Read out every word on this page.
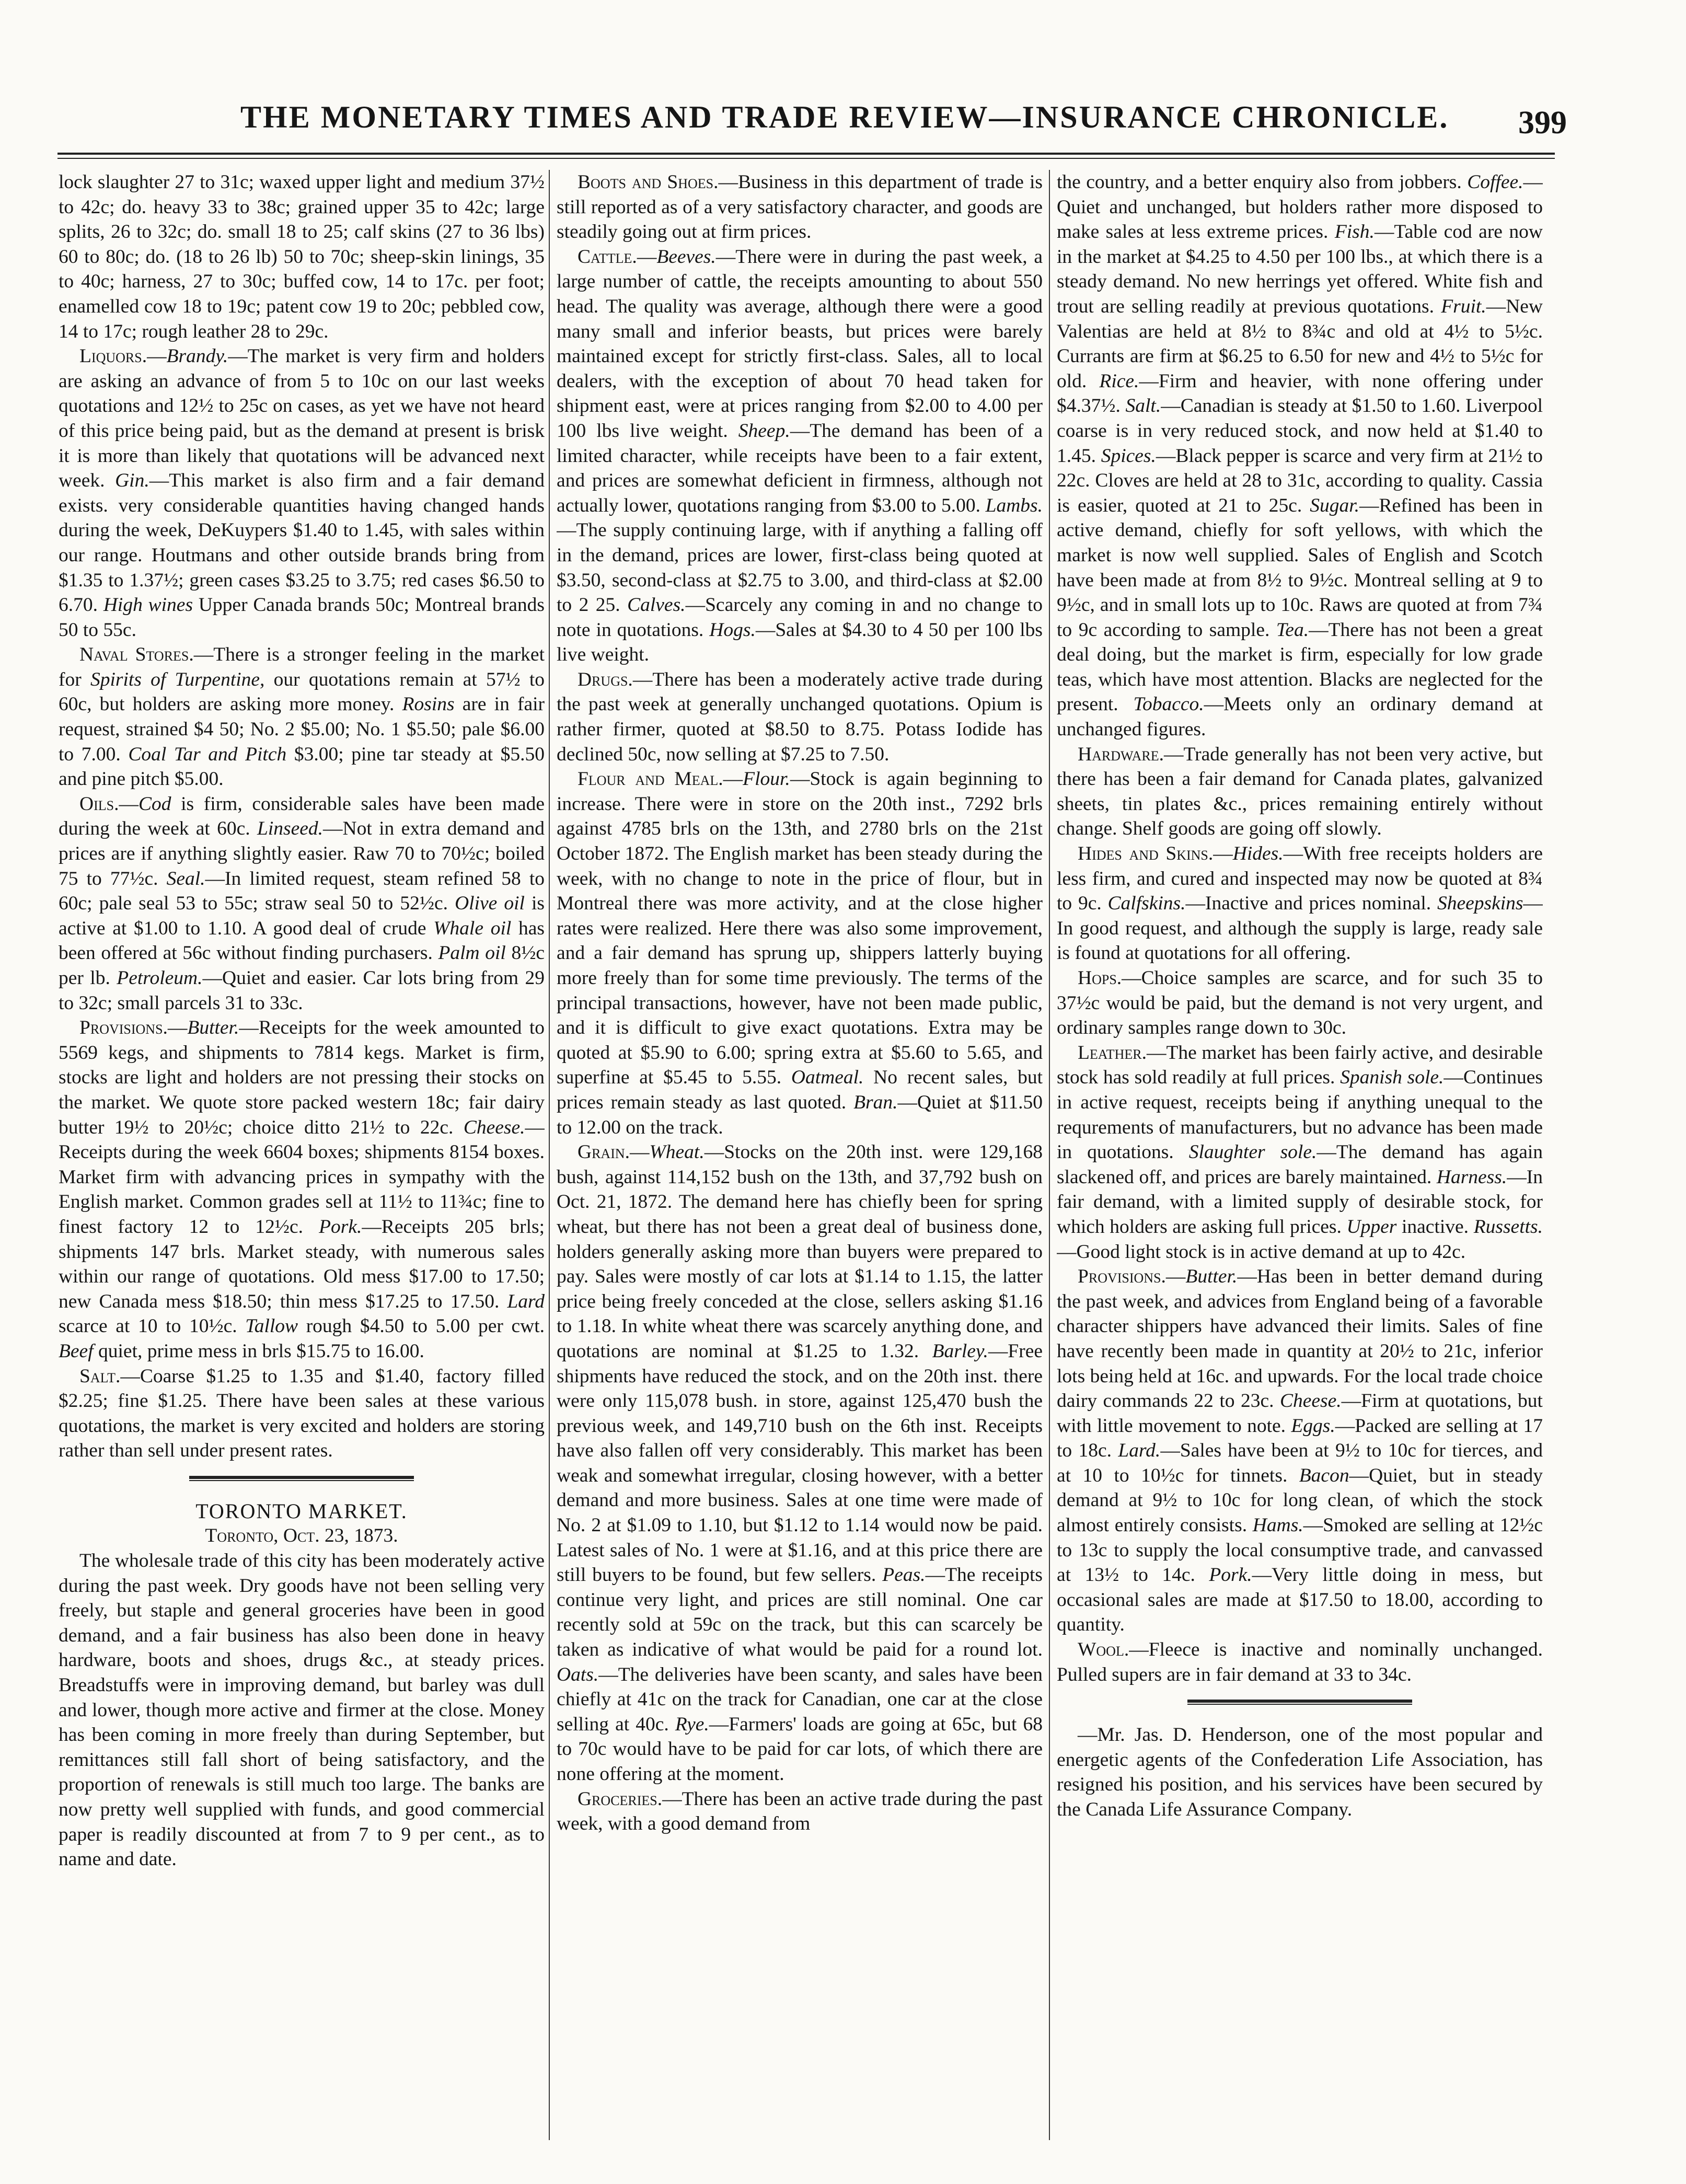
THE MONETARY TIMES AND TRADE REVIEW—INSURANCE CHRONICLE. 399

lock slaughter 27 to 31c; waxed upper light and medium 37½ to 42c; do. heavy 33 to 38c; grained upper 35 to 42c; large splits, 26 to 32c; do. small 18 to 25; calf skins (27 to 36 lbs) 60 to 80c; do. (18 to 26 lb) 50 to 70c; sheep-skin linings, 35 to 40c; harness, 27 to 30c; buffed cow, 14 to 17c. per foot; enamelled cow 18 to 19c; patent cow 19 to 20c; pebbled cow, 14 to 17c; rough leather 28 to 29c.

Liquors.—Brandy.—The market is very firm and holders are asking an advance of from 5 to 10c on our last weeks quotations and 12½ to 25c on cases, as yet we have not heard of this price being paid, but as the demand at present is brisk it is more than likely that quotations will be advanced next week. Gin.—This market is also firm and a fair demand exists. very considerable quantities having changed hands during the week, DeKuypers $1.40 to 1.45, with sales within our range. Houtmans and other outside brands bring from $1.35 to 1.37½; green cases $3.25 to 3.75; red cases $6.50 to 6.70. High wines Upper Canada brands 50c; Montreal brands 50 to 55c.

Naval Stores.—There is a stronger feeling in the market for Spirits of Turpentine, our quotations remain at 57½ to 60c, but holders are asking more money. Rosins are in fair request, strained $4 50; No. 2 $5.00; No. 1 $5.50; pale $6.00 to 7.00. Coal Tar and Pitch $3.00; pine tar steady at $5.50 and pine pitch $5.00.

Oils.—Cod is firm, considerable sales have been made during the week at 60c. Linseed.—Not in extra demand and prices are if anything slightly easier. Raw 70 to 70½c; boiled 75 to 77½c. Seal.—In limited request, steam refined 58 to 60c; pale seal 53 to 55c; straw seal 50 to 52½c. Olive oil is active at $1.00 to 1.10. A good deal of crude Whale oil has been offered at 56c without finding purchasers. Palm oil 8½c per lb. Petroleum.—Quiet and easier. Car lots bring from 29 to 32c; small parcels 31 to 33c.

Provisions.—Butter.—Receipts for the week amounted to 5569 kegs, and shipments to 7814 kegs. Market is firm, stocks are light and holders are not pressing their stocks on the market. We quote store packed western 18c; fair dairy butter 19½ to 20½c; choice ditto 21½ to 22c. Cheese.—Receipts during the week 6604 boxes; shipments 8154 boxes. Market firm with advancing prices in sympathy with the English market. Common grades sell at 11½ to 11¾c; fine to finest factory 12 to 12½c. Pork.—Receipts 205 brls; shipments 147 brls. Market steady, with numerous sales within our range of quotations. Old mess $17.00 to 17.50; new Canada mess $18.50; thin mess $17.25 to 17.50. Lard scarce at 10 to 10½c. Tallow rough $4.50 to 5.00 per cwt. Beef quiet, prime mess in brls $15.75 to 16.00.

Salt.—Coarse $1.25 to 1.35 and $1.40, factory filled $2.25; fine $1.25. There have been sales at these various quotations, the market is very excited and holders are storing rather than sell under present rates.

TORONTO MARKET.

Toronto, Oct. 23, 1873.

The wholesale trade of this city has been moderately active during the past week. Dry goods have not been selling very freely, but staple and general groceries have been in good demand, and a fair business has also been done in heavy hardware, boots and shoes, drugs &c., at steady prices. Breadstuffs were in improving demand, but barley was dull and lower, though more active and firmer at the close. Money has been coming in more freely than during September, but remittances still fall short of being satisfactory, and the proportion of renewals is still much too large. The banks are now pretty well supplied with funds, and good commercial paper is readily discounted at from 7 to 9 per cent., as to name and date.

Boots and Shoes.—Business in this department of trade is still reported as of a very satisfactory character, and goods are steadily going out at firm prices.

Cattle.—Beeves.—There were in during the past week, a large number of cattle, the receipts amounting to about 550 head. The quality was average, although there were a good many small and inferior beasts, but prices were barely maintained except for strictly first-class. Sales, all to local dealers, with the exception of about 70 head taken for shipment east, were at prices ranging from $2.00 to 4.00 per 100 lbs live weight. Sheep.—The demand has been of a limited character, while receipts have been to a fair extent, and prices are somewhat deficient in firmness, although not actually lower, quotations ranging from $3.00 to 5.00. Lambs.—The supply continuing large, with if anything a falling off in the demand, prices are lower, first-class being quoted at $3.50, second-class at $2.75 to 3.00, and third-class at $2.00 to 2 25. Calves.—Scarcely any coming in and no change to note in quotations. Hogs.—Sales at $4.30 to 4 50 per 100 lbs live weight.

Drugs.—There has been a moderately active trade during the past week at generally unchanged quotations. Opium is rather firmer, quoted at $8.50 to 8.75. Potass Iodide has declined 50c, now selling at $7.25 to 7.50.

Flour and Meal.—Flour.—Stock is again beginning to increase. There were in store on the 20th inst., 7292 brls against 4785 brls on the 13th, and 2780 brls on the 21st October 1872. The English market has been steady during the week, with no change to note in the price of flour, but in Montreal there was more activity, and at the close higher rates were realized. Here there was also some improvement, and a fair demand has sprung up, shippers latterly buying more freely than for some time previously. The terms of the principal transactions, however, have not been made public, and it is difficult to give exact quotations. Extra may be quoted at $5.90 to 6.00; spring extra at $5.60 to 5.65, and superfine at $5.45 to 5.55. Oatmeal. No recent sales, but prices remain steady as last quoted. Bran.—Quiet at $11.50 to 12.00 on the track.

Grain.—Wheat.—Stocks on the 20th inst. were 129,168 bush, against 114,152 bush on the 13th, and 37,792 bush on Oct. 21, 1872. The demand here has chiefly been for spring wheat, but there has not been a great deal of business done, holders generally asking more than buyers were prepared to pay. Sales were mostly of car lots at $1.14 to 1.15, the latter price being freely conceded at the close, sellers asking $1.16 to 1.18. In white wheat there was scarcely anything done, and quotations are nominal at $1.25 to 1.32. Barley.—Free shipments have reduced the stock, and on the 20th inst. there were only 115,078 bush. in store, against 125,470 bush the previous week, and 149,710 bush on the 6th inst. Receipts have also fallen off very considerably. This market has been weak and somewhat irregular, closing however, with a better demand and more business. Sales at one time were made of No. 2 at $1.09 to 1.10, but $1.12 to 1.14 would now be paid. Latest sales of No. 1 were at $1.16, and at this price there are still buyers to be found, but few sellers. Peas.—The receipts continue very light, and prices are still nominal. One car recently sold at 59c on the track, but this can scarcely be taken as indicative of what would be paid for a round lot. Oats.—The deliveries have been scanty, and sales have been chiefly at 41c on the track for Canadian, one car at the close selling at 40c. Rye.—Farmers' loads are going at 65c, but 68 to 70c would have to be paid for car lots, of which there are none offering at the moment.

Groceries.—There has been an active trade during the past week, with a good demand from

the country, and a better enquiry also from jobbers. Coffee.—Quiet and unchanged, but holders rather more disposed to make sales at less extreme prices. Fish.—Table cod are now in the market at $4.25 to 4.50 per 100 lbs., at which there is a steady demand. No new herrings yet offered. White fish and trout are selling readily at previous quotations. Fruit.—New Valentias are held at 8½ to 8¾c and old at 4½ to 5½c. Currants are firm at $6.25 to 6.50 for new and 4½ to 5½c for old. Rice.—Firm and heavier, with none offering under $4.37½. Salt.—Canadian is steady at $1.50 to 1.60. Liverpool coarse is in very reduced stock, and now held at $1.40 to 1.45. Spices.—Black pepper is scarce and very firm at 21½ to 22c. Cloves are held at 28 to 31c, according to quality. Cassia is easier, quoted at 21 to 25c. Sugar.—Refined has been in active demand, chiefly for soft yellows, with which the market is now well supplied. Sales of English and Scotch have been made at from 8½ to 9½c. Montreal selling at 9 to 9½c, and in small lots up to 10c. Raws are quoted at from 7¾ to 9c according to sample. Tea.—There has not been a great deal doing, but the market is firm, especially for low grade teas, which have most attention. Blacks are neglected for the present. Tobacco.—Meets only an ordinary demand at unchanged figures.

Hardware.—Trade generally has not been very active, but there has been a fair demand for Canada plates, galvanized sheets, tin plates &c., prices remaining entirely without change. Shelf goods are going off slowly.

Hides and Skins.—Hides.—With free receipts holders are less firm, and cured and inspected may now be quoted at 8¾ to 9c. Calfskins.—Inactive and prices nominal. Sheepskins—In good request, and although the supply is large, ready sale is found at quotations for all offering.

Hops.—Choice samples are scarce, and for such 35 to 37½c would be paid, but the demand is not very urgent, and ordinary samples range down to 30c.

Leather.—The market has been fairly active, and desirable stock has sold readily at full prices. Spanish sole.—Continues in active request, receipts being if anything unequal to the requrements of manufacturers, but no advance has been made in quotations. Slaughter sole.—The demand has again slackened off, and prices are barely maintained. Harness.—In fair demand, with a limited supply of desirable stock, for which holders are asking full prices. Upper inactive. Russetts.—Good light stock is in active demand at up to 42c.

Provisions.—Butter.—Has been in better demand during the past week, and advices from England being of a favorable character shippers have advanced their limits. Sales of fine have recently been made in quantity at 20½ to 21c, inferior lots being held at 16c. and upwards. For the local trade choice dairy commands 22 to 23c. Cheese.—Firm at quotations, but with little movement to note. Eggs.—Packed are selling at 17 to 18c. Lard.—Sales have been at 9½ to 10c for tierces, and at 10 to 10½c for tinnets. Bacon—Quiet, but in steady demand at 9½ to 10c for long clean, of which the stock almost entirely consists. Hams.—Smoked are selling at 12½c to 13c to supply the local consumptive trade, and canvassed at 13½ to 14c. Pork.—Very little doing in mess, but occasional sales are made at $17.50 to 18.00, according to quantity.

Wool.—Fleece is inactive and nominally unchanged. Pulled supers are in fair demand at 33 to 34c.

—Mr. Jas. D. Henderson, one of the most popular and energetic agents of the Confederation Life Association, has resigned his position, and his services have been secured by the Canada Life Assurance Company.
